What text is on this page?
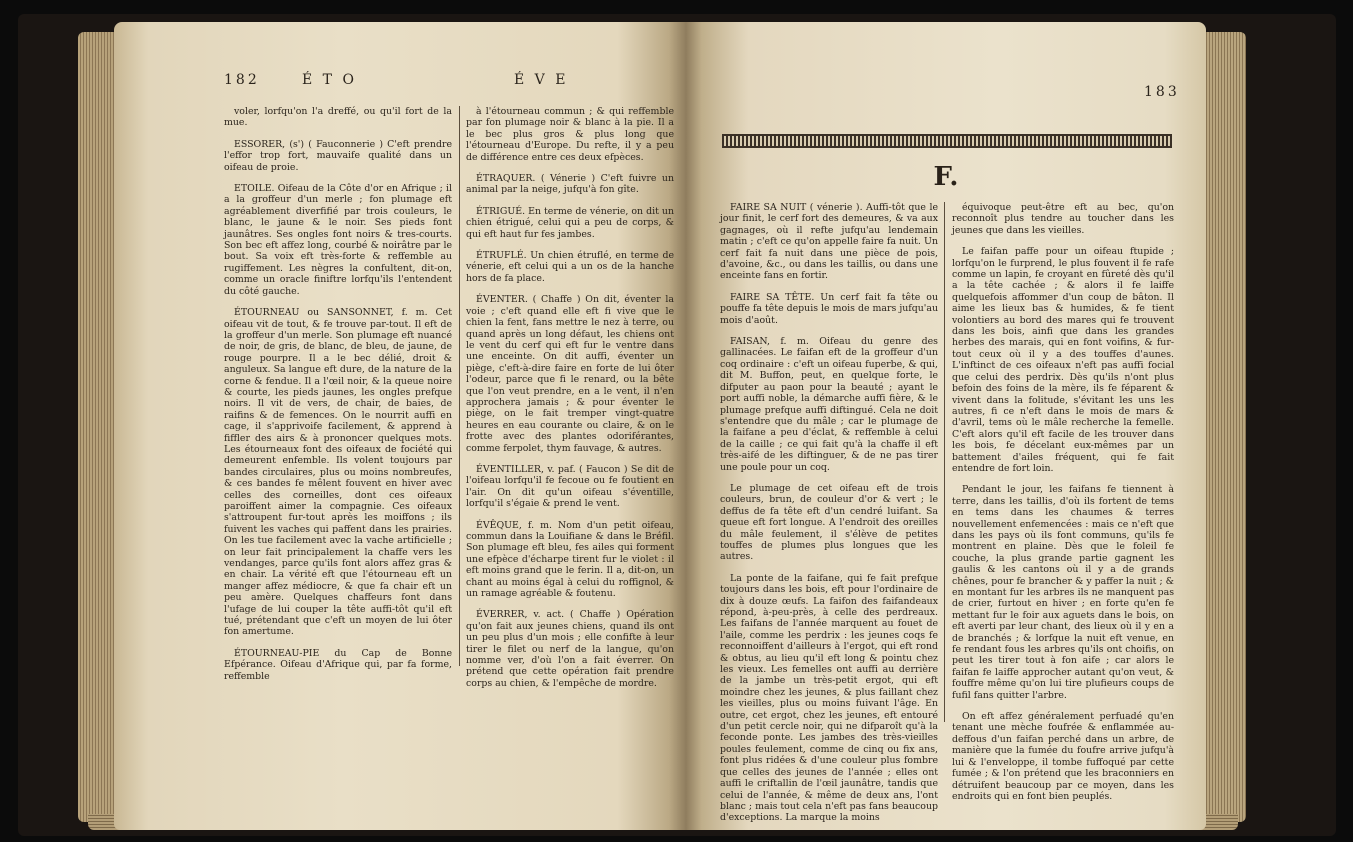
182	É T O	É V E

voler, lorfqu'on l'a dreffé, ou qu'il fort de la mue.

ESSORER, (s') ( Fauconnerie ) C'eft prendre l'effor trop fort, mauvaife qualité dans un oifeau de proie.

ETOILE. Oifeau de la Côte d'or en Afrique ; il a la groffeur d'un merle ; fon plumage eft agréablement diverfifié par trois couleurs, le blanc, le jaune & le noir. Ses pieds font jaunâtres. Ses ongles font noirs & tres-courts. Son bec eft affez long, courbé & noirâtre par le bout. Sa voix eft très-forte & reffemble au rugiffement. Les nègres la confultent, dit-on, comme un oracle finiftre lorfqu'ils l'entendent du côté gauche.

ÉTOURNEAU ou SANSONNET, f. m. Cet oifeau vit de tout, & fe trouve par-tout. Il eft de la groffeur d'un merle. Son plumage eft nuancé de noir, de gris, de blanc, de bleu, de jaune, de rouge pourpre. Il a le bec délié, droit & anguleux. Sa langue eft dure, de la nature de la corne & fendue. Il a l'œil noir, & la queue noire & courte, les pieds jaunes, les ongles prefque noirs. Il vit de vers, de chair, de baies, de raifins & de femences. On le nourrit auffi en cage, il s'apprivoife facilement, & apprend à fiffler des airs & à prononcer quelques mots. Les étourneaux font des oifeaux de fociété qui demeurent enfemble. Ils volent toujours par bandes circulaires, plus ou moins nombreufes, & ces bandes fe mêlent fouvent en hiver avec celles des corneilles, dont ces oifeaux paroiffent aimer la compagnie. Ces oifeaux s'attroupent fur-tout après les moiffons ; ils fuivent les vaches qui paffent dans les prairies. On les tue facilement avec la vache artificielle ; on leur fait principalement la chaffe vers les vendanges, parce qu'ils font alors affez gras & en chair. La vérité eft que l'étourneau eft un manger affez médiocre, & que fa chair eft un peu amère. Quelques chaffeurs font dans l'ufage de lui couper la tête auffi-tôt qu'il eft tué, prétendant que c'eft un moyen de lui ôter fon amertume.

ÉTOURNEAU-PIE du Cap de Bonne Efpérance. Oifeau d'Afrique qui, par fa forme, reffemble

à l'étourneau commun ; & qui reffemble par fon plumage noir & blanc à la pie. Il a le bec plus gros & plus long que l'étourneau d'Europe. Du refte, il y a peu de différence entre ces deux efpèces.

ÉTRAQUER. ( Vénerie ) C'eft fuivre un animal par la neige, jufqu'à fon gîte.

ÉTRIGUÉ. En terme de vénerie, on dit un chien étrigué, celui qui a peu de corps, & qui eft haut fur fes jambes.

ÉTRUFLÉ. Un chien étruflé, en terme de vénerie, eft celui qui a un os de la hanche hors de fa place.

ÉVENTER. ( Chaffe ) On dit, éventer la voie ; c'eft quand elle eft fi vive que le chien la fent, fans mettre le nez à terre, ou quand après un long défaut, les chiens ont le vent du cerf qui eft fur le ventre dans une enceinte. On dit auffi, éventer un piège, c'eft-à-dire faire en forte de lui ôter l'odeur, parce que fi le renard, ou la bête que l'on veut prendre, en a le vent, il n'en approchera jamais ; & pour éventer le piège, on le fait tremper vingt-quatre heures en eau courante ou claire, & on le frotte avec des plantes odoriférantes, comme ferpolet, thym fauvage, & autres.

ÉVENTILLER, v. paf. ( Faucon ) Se dit de l'oifeau lorfqu'il fe fecoue ou fe foutient en l'air. On dit qu'un oifeau s'éventille, lorfqu'il s'égaie & prend le vent.

ÉVÊQUE, f. m. Nom d'un petit oifeau, commun dans la Louifiane & dans le Bréfil. Son plumage eft bleu, fes ailes qui forment une efpèce d'écharpe tirent fur le violet : il eft moins grand que le ferin. Il a, dit-on, un chant au moins égal à celui du roffignol, & un ramage agréable & foutenu.

ÉVERRER, v. act. ( Chaffe ) Opération qu'on fait aux jeunes chiens, quand ils ont un peu plus d'un mois ; elle confifte à leur tirer le filet ou nerf de la langue, qu'on nomme ver, d'où l'on a fait éverrer. On prétend que cette opération fait prendre corps au chien, & l'empêche de mordre.

183
F.

FAIRE SA NUIT ( vénerie ). Auffi-tôt que le jour finit, le cerf fort des demeures, & va aux gagnages, où il refte jufqu'au lendemain matin ; c'eft ce qu'on appelle faire fa nuit. Un cerf fait fa nuit dans une pièce de pois, d'avoine, &c., ou dans les taillis, ou dans une enceinte fans en fortir.

FAIRE SA TÊTE. Un cerf fait fa tête ou pouffe fa tête depuis le mois de mars jufqu'au mois d'août.

FAISAN, f. m. Oifeau du genre des gallinacées. Le faifan eft de la groffeur d'un coq ordinaire : c'eft un oifeau fuperbe, & qui, dit M. Buffon, peut, en quelque forte, le difputer au paon pour la beauté ; ayant le port auffi noble, la démarche auffi fière, & le plumage prefque auffi diftingué. Cela ne doit s'entendre que du mâle ; car le plumage de la faifane a peu d'éclat, & reffemble à celui de la caille ; ce qui fait qu'à la chaffe il eft très-aifé de les diftinguer, & de ne pas tirer une poule pour un coq.

Le plumage de cet oifeau eft de trois couleurs, brun, de couleur d'or & vert ; le deffus de fa tête eft d'un cendré luifant. Sa queue eft fort longue. A l'endroit des oreilles du mâle feulement, il s'élève de petites touffes de plumes plus longues que les autres.

La ponte de la faifane, qui fe fait prefque toujours dans les bois, eft pour l'ordinaire de dix à douze œufs. La faifon des faifandeaux répond, à-peu-près, à celle des perdreaux. Les faifans de l'année marquent au fouet de l'aile, comme les perdrix : les jeunes coqs fe reconnoiffent d'ailleurs à l'ergot, qui eft rond & obtus, au lieu qu'il eft long & pointu chez les vieux. Les femelles ont auffi au derrière de la jambe un très-petit ergot, qui eft moindre chez les jeunes, & plus faillant chez les vieilles, plus ou moins fuivant l'âge. En outre, cet ergot, chez les jeunes, eft entouré d'un petit cercle noir, qui ne difparoît qu'à la feconde ponte. Les jambes des très-vieilles poules feulement, comme de cinq ou fix ans, font plus ridées & d'une couleur plus fombre que celles des jeunes de l'année ; elles ont auffi le criftallin de l'œil jaunâtre, tandis que celui de l'année, & même de deux ans, l'ont blanc ; mais tout cela n'eft pas fans beaucoup d'exceptions. La marque la moins

équivoque peut-être eft au bec, qu'on reconnoît plus tendre au toucher dans les jeunes que dans les vieilles.

Le faifan paffe pour un oifeau ftupide ; lorfqu'on le furprend, le plus fouvent il fe rafe comme un lapin, fe croyant en fûreté dès qu'il a la tête cachée ; & alors il fe laiffe quelquefois affommer d'un coup de bâton. Il aime les lieux bas & humides, & fe tient volontiers au bord des mares qui fe trouvent dans les bois, ainfi que dans les grandes herbes des marais, qui en font voifins, & fur-tout ceux où il y a des touffes d'aunes. L'inftinct de ces oifeaux n'eft pas auffi focial que celui des perdrix. Dès qu'ils n'ont plus befoin des foins de la mère, ils fe féparent & vivent dans la folitude, s'évitant les uns les autres, fi ce n'eft dans le mois de mars & d'avril, tems où le mâle recherche la femelle. C'eft alors qu'il eft facile de les trouver dans les bois, fe décelant eux-mêmes par un battement d'ailes fréquent, qui fe fait entendre de fort loin.

Pendant le jour, les faifans fe tiennent à terre, dans les taillis, d'où ils fortent de tems en tems dans les chaumes & terres nouvellement enfemencées : mais ce n'eft que dans les pays où ils font communs, qu'ils fe montrent en plaine. Dès que le foleil fe couche, la plus grande partie gagnent les gaulis & les cantons où il y a de grands chênes, pour fe brancher & y paffer la nuit ; & en montant fur les arbres ils ne manquent pas de crier, furtout en hiver ; en forte qu'en fe mettant fur le foir aux aguets dans le bois, on eft averti par leur chant, des lieux où il y en a de branchés ; & lorfque la nuit eft venue, en fe rendant fous les arbres qu'ils ont choifis, on peut les tirer tout à fon aife ; car alors le faifan fe laiffe approcher autant qu'on veut, & fouffre même qu'on lui tire plufieurs coups de fufil fans quitter l'arbre.

On eft affez généralement perfuadé qu'en tenant une mèche foufrée & enflammée au-deffous d'un faifan perché dans un arbre, de manière que la fumée du foufre arrive jufqu'à lui & l'enveloppe, il tombe fuffoqué par cette fumée ; & l'on prétend que les braconniers en détruifent beaucoup par ce moyen, dans les endroits qui en font bien peuplés.
